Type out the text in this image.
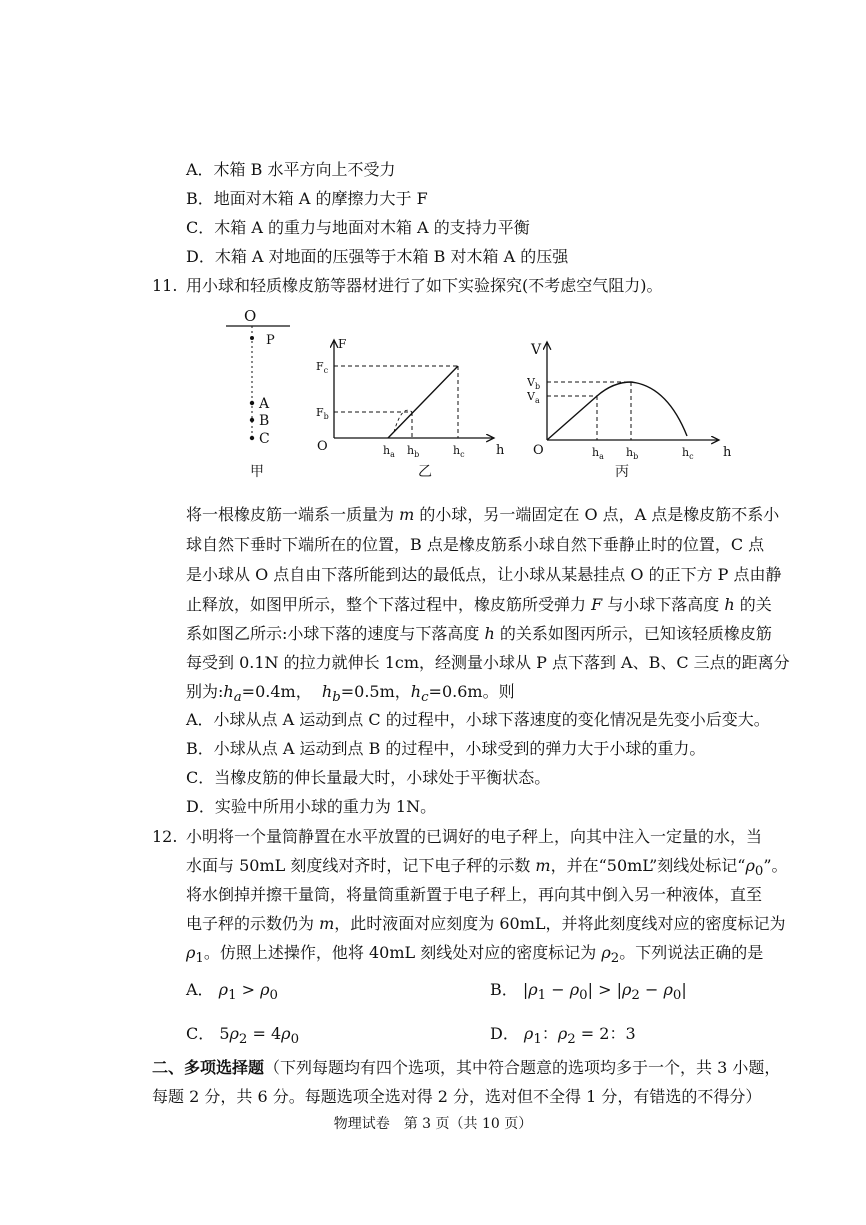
A．木箱 B 水平方向上不受力
B．地面对木箱 A 的摩擦力大于 F
C．木箱 A 的重力与地面对木箱 A 的支持力平衡
D．木箱 A 对地面的压强等于木箱 B 对木箱 A 的压强
11. 用小球和轻质橡皮筋等器材进行了如下实验探究(不考虑空气阻力)。
O
P
A
B
C
甲
F
h
O
$F_c$
$F_b$
$h_a$ $h_b$	$h_c$
乙
V
h
O
$V_b$
$V_a$
$h_a$ $h_b$	$h_c$
丙
将一根橡皮筋一端系一质量为 m 的小球，另一端固定在 O 点，A 点是橡皮筋不系小
球自然下垂时下端所在的位置，B 点是橡皮筋系小球自然下垂静止时的位置，C 点
是小球从 O 点自由下落所能到达的最低点，让小球从某悬挂点 O 的正下方 P 点由静
止释放，如图甲所示，整个下落过程中，橡皮筋所受弹力 F 与小球下落高度 h 的关
系如图乙所示:小球下落的速度与下落高度 h 的关系如图丙所示，已知该轻质橡皮筋
每受到 0.1N 的拉力就伸长 1cm，经测量小球从 P 点下落到 A、B、C 三点的距离分
别为$:h_a=0.4m$，  $h_b=0.5m$，$h_c=0.6m$。则
A．小球从点 A 运动到点 C 的过程中，小球下落速度的变化情况是先变小后变大。
B．小球从点 A 运动到点 B 的过程中，小球受到的弹力大于小球的重力。
C．当橡皮筋的伸长量最大时，小球处于平衡状态。
D．实验中所用小球的重力为 1N。
12. 小明将一个量筒静置在水平放置的已调好的电子秤上，向其中注入一定量的水，当
水面与 50mL 刻度线对齐时，记下电子秤的示数 m，并在“50mL”刻线处标记“$\rho_0$”。
将水倒掉并擦干量筒，将量筒重新置于电子秤上，再向其中倒入另一种液体，直至
电子秤的示数仍为 m，此时液面对应刻度为 60mL，并将此刻度线对应的密度标记为
$\rho_1$。仿照上述操作，他将 40mL 刻线处对应的密度标记为 $\rho_2$。下列说法正确的是
A． $\rho_1 > \rho_0$	B． $|\rho_1 - \rho_0| > |\rho_2 - \rho_0|$
C． $5\rho_2 = 4\rho_0$	D． $\rho_1$：$\rho_2 = 2$：3
二、多项选择题（下列每题均有四个选项，其中符合题意的选项均多于一个，共 3 小题，
每题 2 分，共 6 分。每题选项全选对得 2 分，选对但不全得 1 分，有错选的不得分）
物理试卷　第 3 页（共 10 页）
